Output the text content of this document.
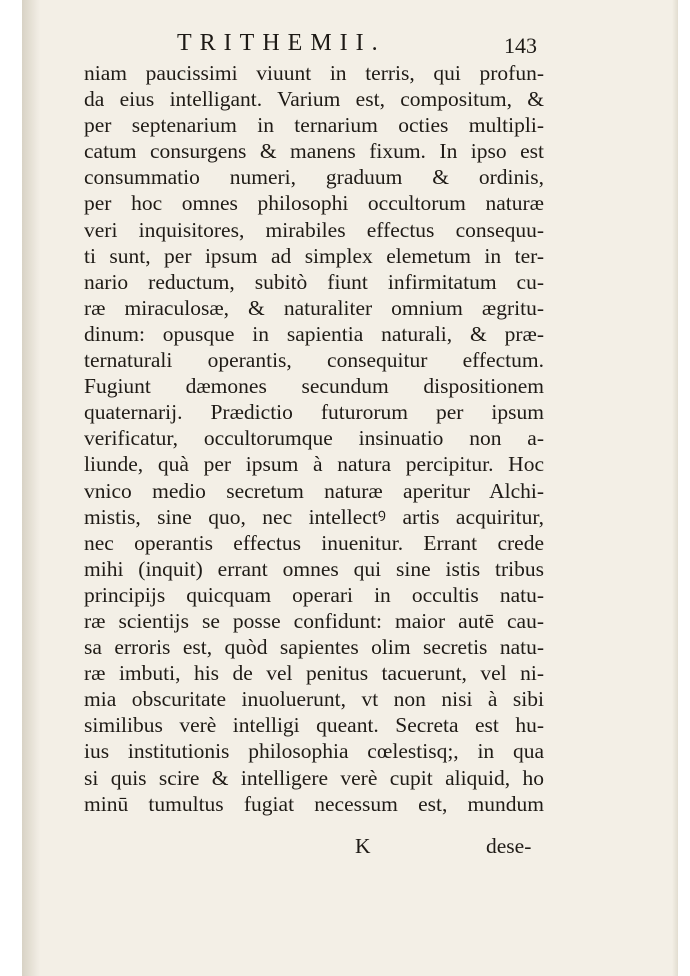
TRITHEMII.	143
niam paucissimi viuunt in terris, qui profun-
da eius intelligant. Varium est, compositum, &
per septenarium in ternarium octies multipli-
catum consurgens & manens fixum. In ipso est
consummatio numeri, graduum & ordinis,
per hoc omnes philosophi occultorum naturæ
veri inquisitores, mirabiles effectus consequu-
ti sunt, per ipsum ad simplex elemetum in ter-
nario reductum, subitò fiunt infirmitatum cu-
ræ miraculosæ, & naturaliter omnium ægritu-
dinum: opusque in sapientia naturali, & præ-
ternaturali operantis, consequitur effectum.
Fugiunt dæmones secundum dispositionem
quaternarij. Prædictio futurorum per ipsum
verificatur, occultorumque insinuatio non a-
liunde, quà per ipsum à natura percipitur. Hoc
vnico medio secretum naturæ aperitur Alchi-
mistis, sine quo, nec intellectꝰ artis acquiritur,
nec operantis effectus inuenitur. Errant crede
mihi (inquit) errant omnes qui sine istis tribus
principijs quicquam operari in occultis natu-
ræ scientijs se posse confidunt: maior autē cau-
sa erroris est, quòd sapientes olim secretis natu-
ræ imbuti, his de vel penitus tacuerunt, vel ni-
mia obscuritate inuoluerunt, vt non nisi à sibi
similibus verè intelligi queant. Secreta est hu-
ius institutionis philosophia cœlestisq;, in qua
si quis scire & intelligere verè cupit aliquid, ho
minū tumultus fugiat necessum est, mundum
K	dese-
